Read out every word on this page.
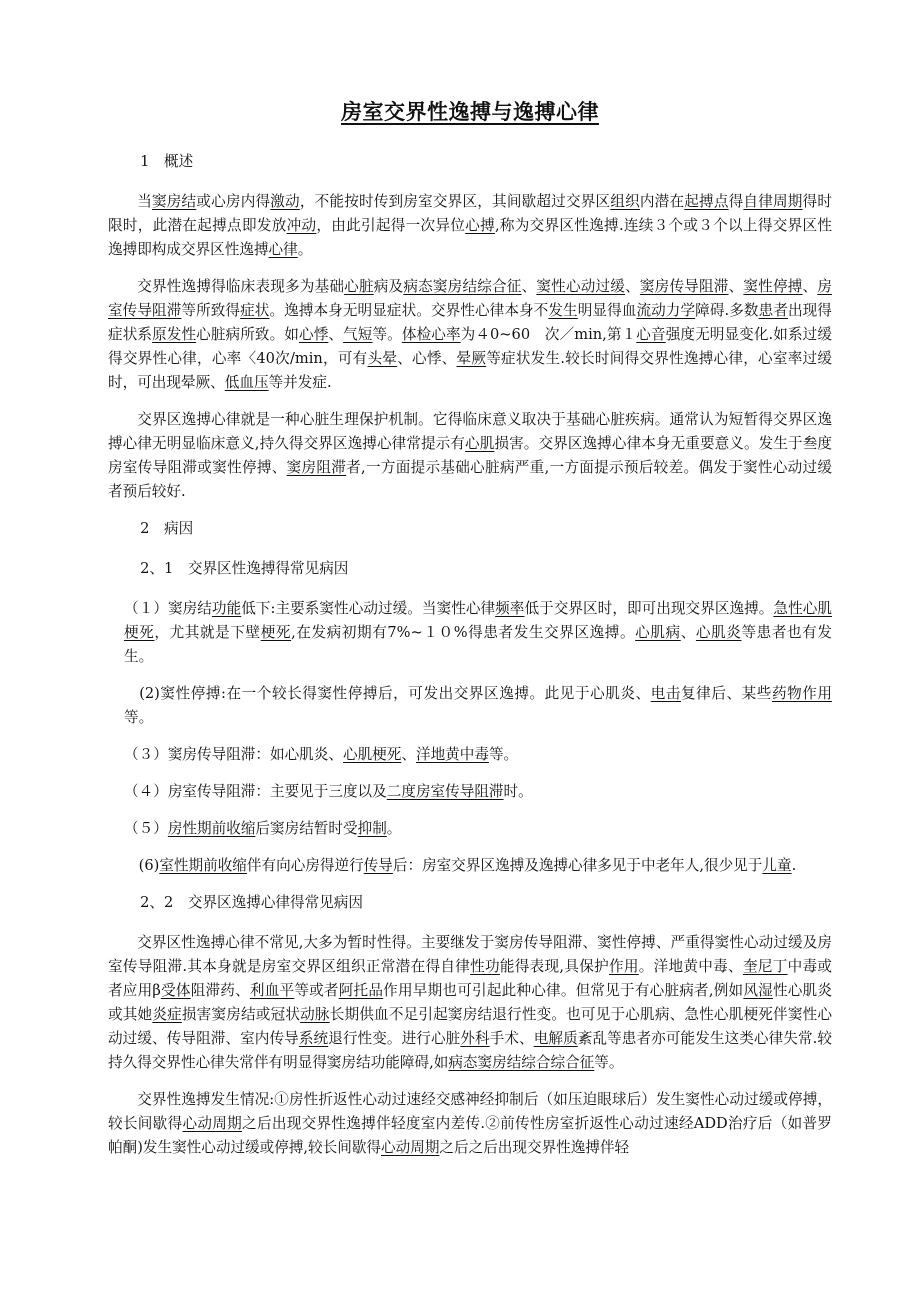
房室交界性逸搏与逸搏心律

1　概述

当窦房结或心房内得激动，不能按时传到房室交界区，其间歇超过交界区组织内潜在起搏点得自律周期得时限时，此潜在起搏点即发放冲动，由此引起得一次异位心搏,称为交界区性逸搏.连续３个或３个以上得交界区性逸搏即构成交界区性逸搏心律。

交界性逸搏得临床表现多为基础心脏病及病态窦房结综合征、窦性心动过缓、窦房传导阻滞、窦性停搏、房室传导阻滞等所致得症状。逸搏本身无明显症状。交界性心律本身不发生明显得血流动力学障碍.多数患者出现得症状系原发性心脏病所致。如心悸、气短等。体检心率为４0~60　次／min,第１心音强度无明显变化.如系过缓得交界性心律，心率〈40次/min，可有头晕、心悸、晕厥等症状发生.较长时间得交界性逸搏心律，心室率过缓时，可出现晕厥、低血压等并发症.

交界区逸搏心律就是一种心脏生理保护机制。它得临床意义取决于基础心脏疾病。通常认为短暂得交界区逸搏心律无明显临床意义,持久得交界区逸搏心律常提示有心肌损害。交界区逸搏心律本身无重要意义。发生于叁度房室传导阻滞或窦性停搏、窦房阻滞者,一方面提示基础心脏病严重,一方面提示预后较差。偶发于窦性心动过缓者预后较好.

2　病因

2、1　交界区性逸搏得常见病因

（１）窦房结功能低下:主要系窦性心动过缓。当窦性心律频率低于交界区时，即可出现交界区逸搏。急性心肌梗死，尤其就是下壁梗死,在发病初期有7%~１０%得患者发生交界区逸搏。心肌病、心肌炎等患者也有发生。

　(2)窦性停搏:在一个较长得窦性停搏后，可发出交界区逸搏。此见于心肌炎、电击复律后、某些药物作用等。

（３）窦房传导阻滞：如心肌炎、心肌梗死、洋地黄中毒等。

（４）房室传导阻滞：主要见于三度以及二度房室传导阻滞时。

（５）房性期前收缩后窦房结暂时受抑制。

　(6)室性期前收缩伴有向心房得逆行传导后：房室交界区逸搏及逸搏心律多见于中老年人,很少见于儿童.

2、2　交界区逸搏心律得常见病因

交界区性逸搏心律不常见,大多为暂时性得。主要继发于窦房传导阻滞、窦性停搏、严重得窦性心动过缓及房室传导阻滞.其本身就是房室交界区组织正常潜在得自律性功能得表现,具保护作用。洋地黄中毒、奎尼丁中毒或者应用β受体阻滞药、利血平等或者阿托品作用早期也可引起此种心律。但常见于有心脏病者,例如风湿性心肌炎或其她炎症损害窦房结或冠状动脉长期供血不足引起窦房结退行性变。也可见于心肌病、急性心肌梗死伴窦性心动过缓、传导阻滞、室内传导系统退行性变。进行心脏外科手术、电解质紊乱等患者亦可能发生这类心律失常.较持久得交界性心律失常伴有明显得窦房结功能障碍,如病态窦房结综合综合征等。

交界性逸搏发生情况:①房性折返性心动过速经交感神经抑制后（如压迫眼球后）发生窦性心动过缓或停搏，较长间歇得心动周期之后出现交界性逸搏伴轻度室内差传.②前传性房室折返性心动过速经ADD治疗后（如普罗帕酮)发生窦性心动过缓或停搏,较长间歇得心动周期之后之后出现交界性逸搏伴轻
